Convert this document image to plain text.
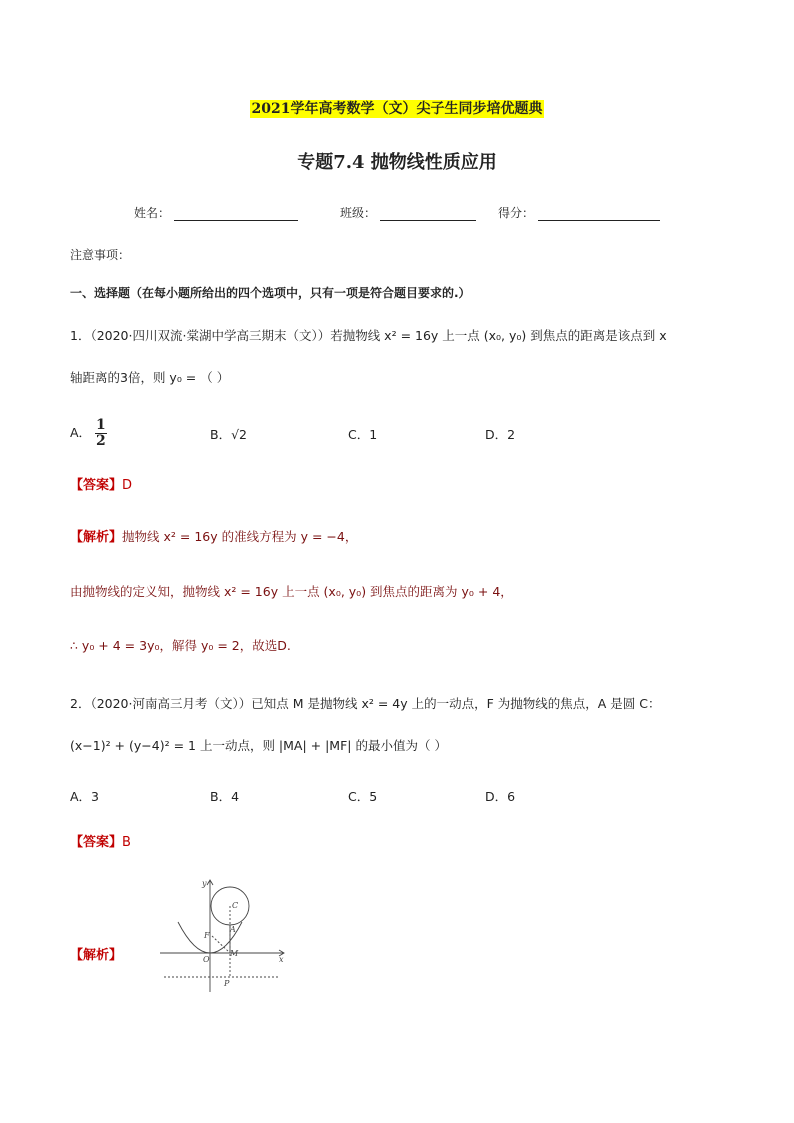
2021学年高考数学（文）尖子生同步培优题典
专题7.4 抛物线性质应用
姓名：	班级：	得分：
注意事项：
一、选择题（在每小题所给出的四个选项中，只有一项是符合题目要求的.）
1．（2020·四川双流·棠湖中学高三期末（文））若抛物线 x² = 16y 上一点 (x₀, y₀) 到焦点的距离是该点到 x
轴距离的3倍，则 y₀ = （ ）
A． $\frac{1}{2}$	B．√2	C．1	D．2
【答案】D
【解析】抛物线 x² = 16y 的准线方程为 y = −4，
由抛物线的定义知，抛物线 x² = 16y 上一点 (x₀, y₀) 到焦点的距离为 y₀ + 4，
∴ y₀ + 4 = 3y₀，解得 y₀ = 2，故选D.
2．（2020·河南高三月考（文））已知点 M 是抛物线 x² = 4y 上的一动点，F 为抛物线的焦点，A 是圆 C：
(x−1)² + (y−4)² = 1 上一动点，则 |MA| + |MF| 的最小值为（ ）
A．3	B．4	C．5	D．6
【答案】B
【解析】
y
x
C
A
F
M
O
P
